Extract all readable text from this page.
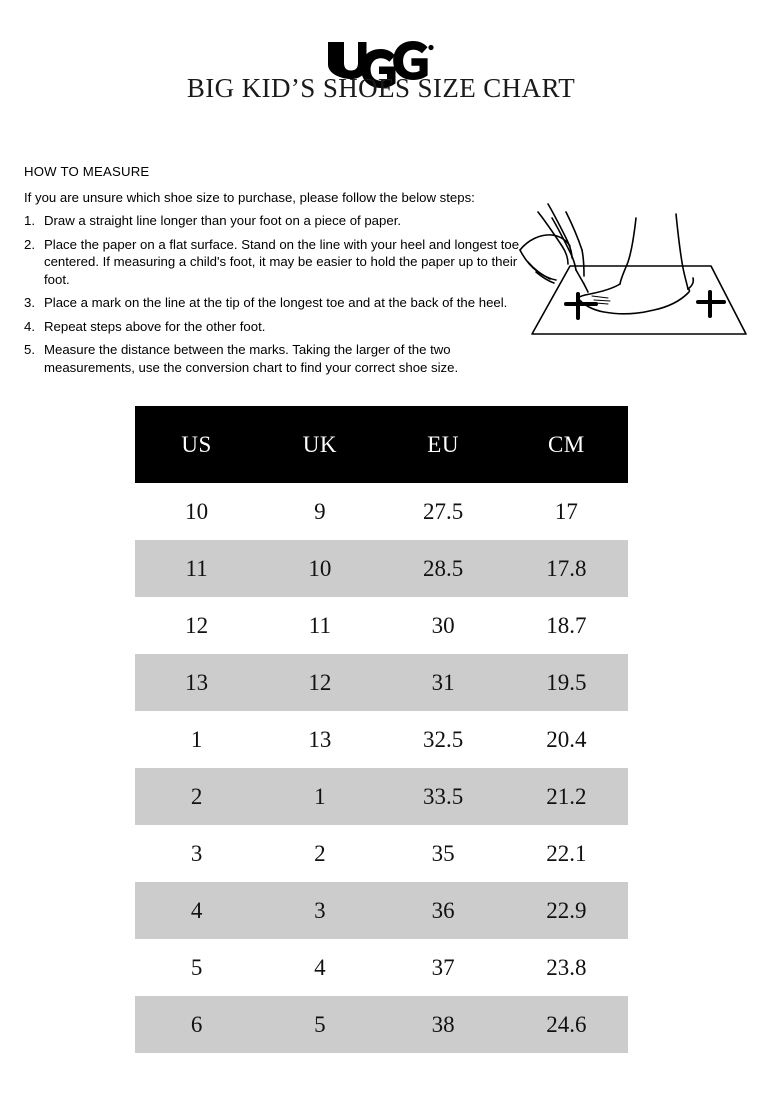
BIG KID’S SHOES SIZE CHART
HOW TO MEASURE
If you are unsure which shoe size to purchase, please follow the below steps:
1. Draw a straight line longer than your foot on a piece of paper.
2. Place the paper on a flat surface. Stand on the line with your heel and longest toe centered. If measuring a child's foot, it may be easier to hold the paper up to their foot.
3. Place a mark on the line at the tip of the longest toe and at the back of the heel.
4. Repeat steps above for the other foot.
5. Measure the distance between the marks. Taking the larger of the two measurements, use the conversion chart to find your correct shoe size.
US	UK	EU	CM
10	9	27.5	17
11	10	28.5	17.8
12	11	30	18.7
13	12	31	19.5
1	13	32.5	20.4
2	1	33.5	21.2
3	2	35	22.1
4	3	36	22.9
5	4	37	23.8
6	5	38	24.6
